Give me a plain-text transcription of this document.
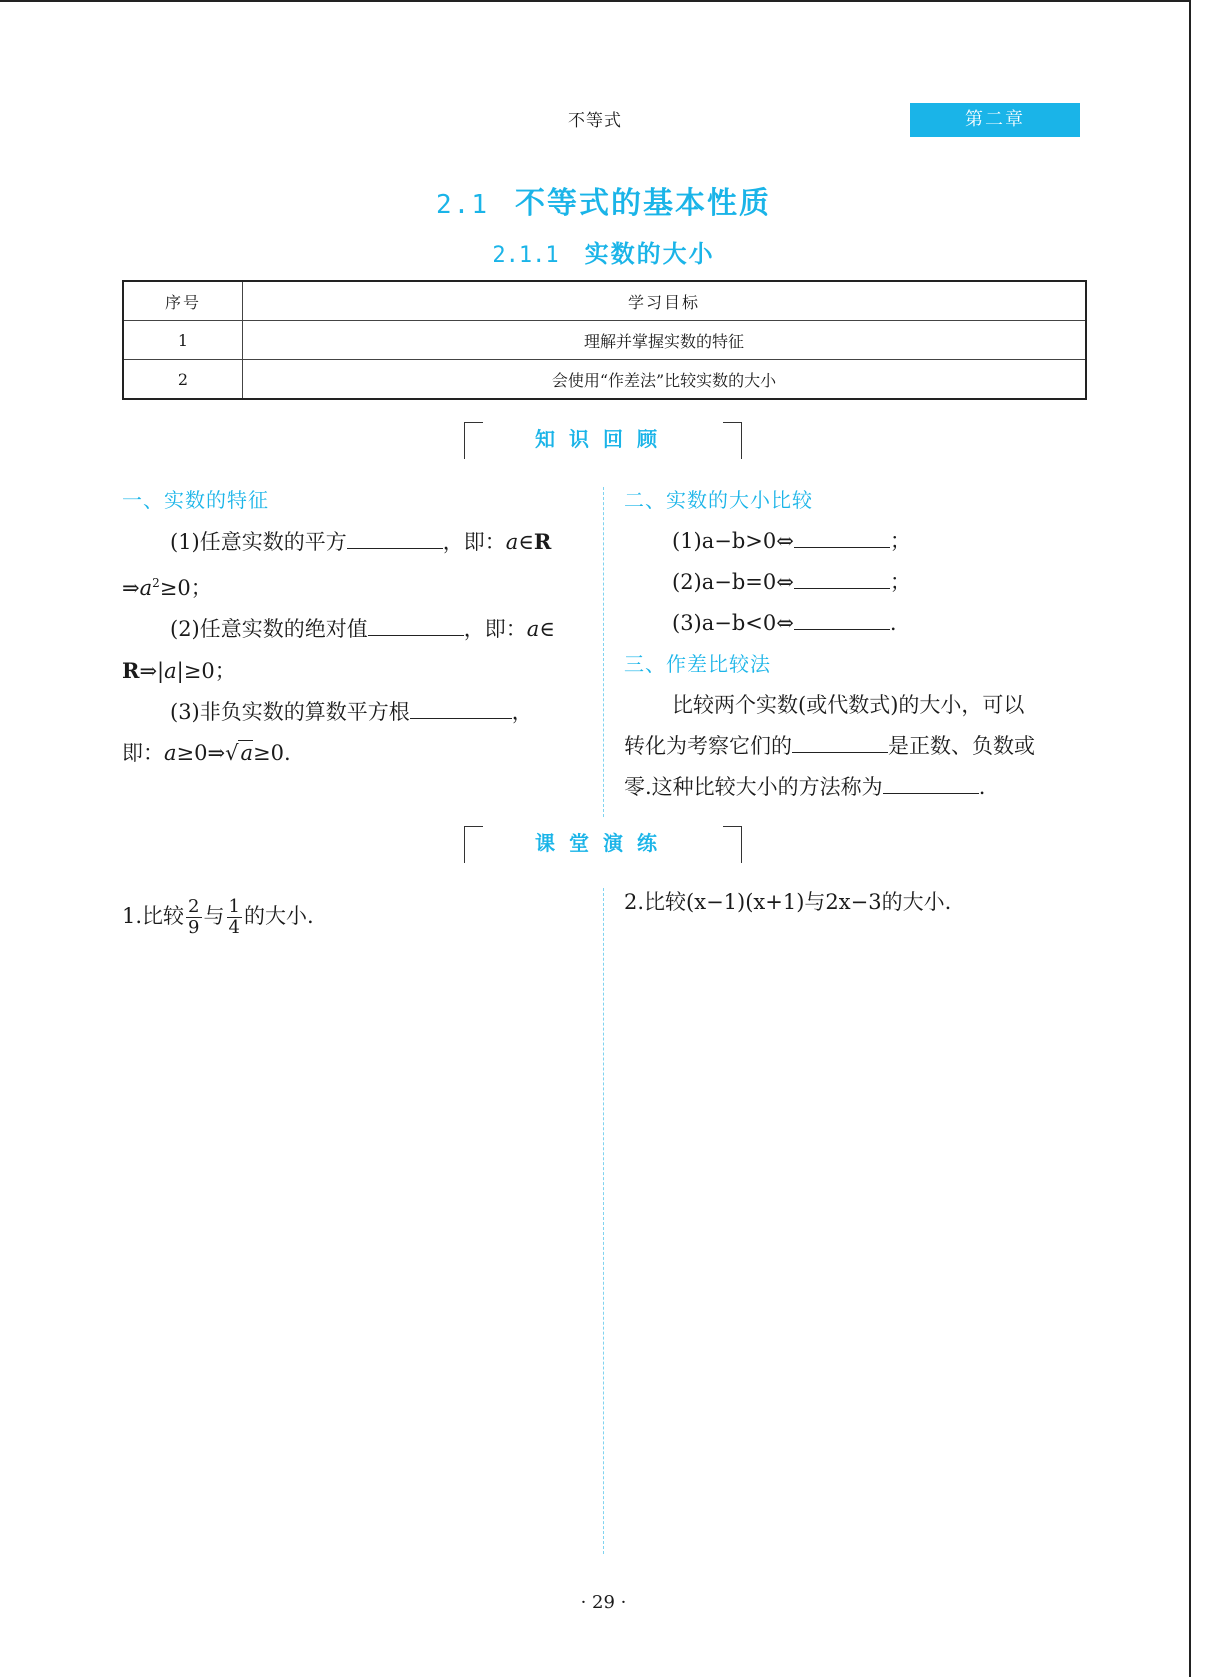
不等式	第二章
2.1 不等式的基本性质
2.1.1 实数的大小
序号	学习目标
1	理解并掌握实数的特征
2	会使用“作差法”比较实数的大小
知识回顾
一、实数的特征
(1)任意实数的平方	，即：a∈R
$\Rightarrow a^2\ge 0$；
(2)任意实数的绝对值	，即：a∈
R⇒|a|≥0；
(3)非负实数的算数平方根	，
即：a≥0⇒√a≥0.
二、实数的大小比较
(1)a−b>0⇔	；
(2)a−b=0⇔	；
(3)a−b<0⇔	.
三、作差比较法
比较两个实数(或代数式)的大小，可以
转化为考察它们的	是正数、负数或
零.这种比较大小的方法称为	.
课堂演练
1.比较 $\frac{2}{9}$ 与 $\frac{1}{4}$ 的大小.
2.比较(x−1)(x+1)与2x−3的大小.
· 29 ·
